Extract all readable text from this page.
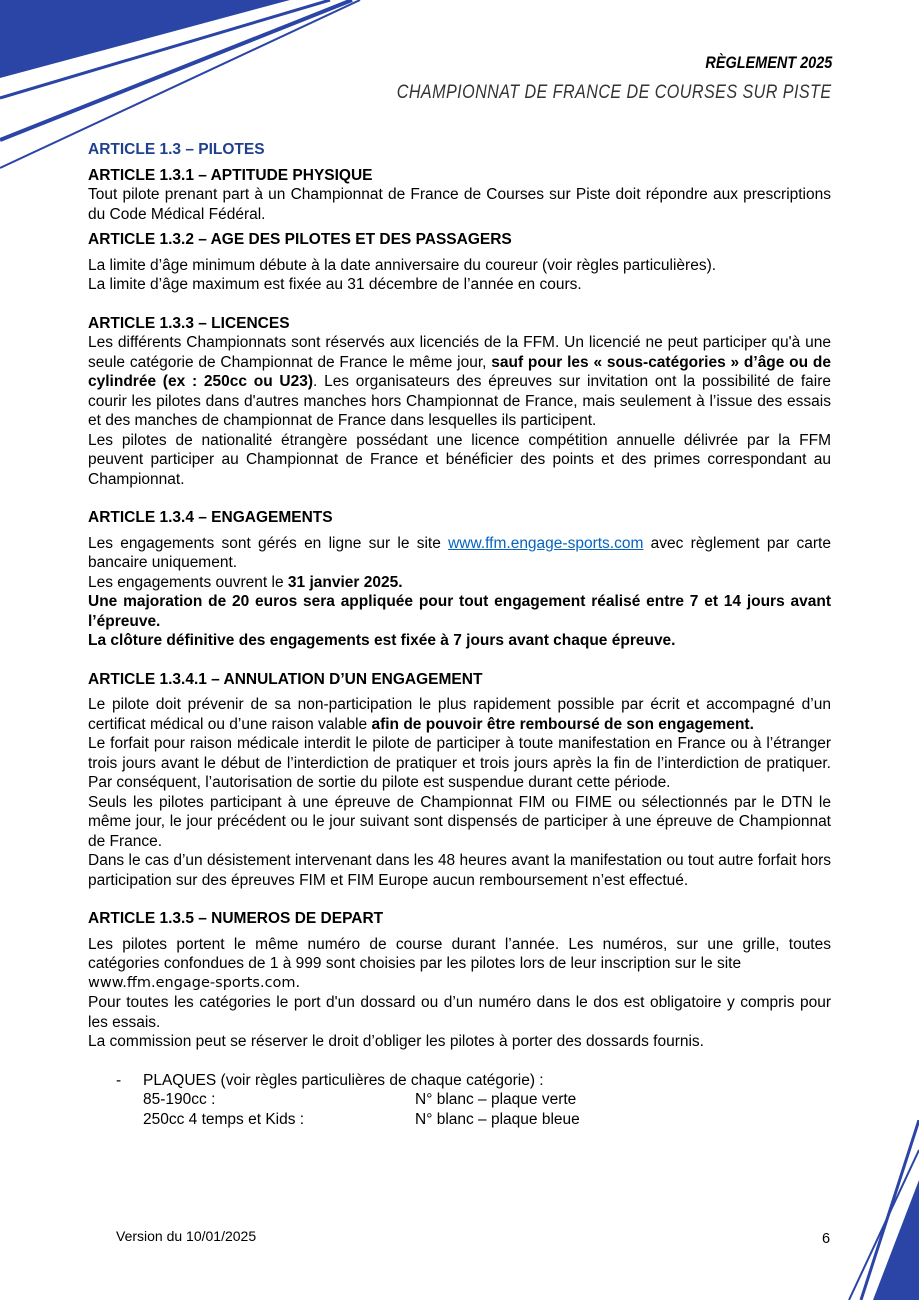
RÈGLEMENT 2025
CHAMPIONNAT DE FRANCE DE COURSES SUR PISTE
ARTICLE 1.3 – PILOTES
ARTICLE 1.3.1 – APTITUDE PHYSIQUE

Tout pilote prenant part à un Championnat de France de Courses sur Piste doit répondre aux prescriptions du Code Médical Fédéral.

ARTICLE 1.3.2 – AGE DES PILOTES ET DES PASSAGERS

La limite d’âge minimum débute à la date anniversaire du coureur (voir règles particulières).

La limite d’âge maximum est fixée au 31 décembre de l’année en cours.

ARTICLE 1.3.3 – LICENCES

Les différents Championnats sont réservés aux licenciés de la FFM. Un licencié ne peut participer qu'à une seule catégorie de Championnat de France le même jour, sauf pour les « sous-catégories » d’âge ou de cylindrée (ex : 250cc ou U23). Les organisateurs des épreuves sur invitation ont la possibilité de faire courir les pilotes dans d'autres manches hors Championnat de France, mais seulement à l’issue des essais et des manches de championnat de France dans lesquelles ils participent.

Les pilotes de nationalité étrangère possédant une licence compétition annuelle délivrée par la FFM peuvent participer au Championnat de France et bénéficier des points et des primes correspondant au Championnat.

ARTICLE 1.3.4 – ENGAGEMENTS

Les engagements sont gérés en ligne sur le site www.ffm.engage-sports.com avec règlement par carte bancaire uniquement.

Les engagements ouvrent le 31 janvier 2025.

Une majoration de 20 euros sera appliquée pour tout engagement réalisé entre 7 et 14 jours avant l’épreuve.

La clôture définitive des engagements est fixée à 7 jours avant chaque épreuve.

ARTICLE 1.3.4.1 – ANNULATION D’UN ENGAGEMENT

Le pilote doit prévenir de sa non-participation le plus rapidement possible par écrit et accompagné d’un certificat médical ou d’une raison valable afin de pouvoir être remboursé de son engagement.

Le forfait pour raison médicale interdit le pilote de participer à toute manifestation en France ou à l’étranger trois jours avant le début de l’interdiction de pratiquer et trois jours après la fin de l’interdiction de pratiquer. Par conséquent, l’autorisation de sortie du pilote est suspendue durant cette période.

Seuls les pilotes participant à une épreuve de Championnat FIM ou FIME ou sélectionnés par le DTN le même jour, le jour précédent ou le jour suivant sont dispensés de participer à une épreuve de Championnat de France.

Dans le cas d’un désistement intervenant dans les 48 heures avant la manifestation ou tout autre forfait hors participation sur des épreuves FIM et FIM Europe aucun remboursement n’est effectué.

ARTICLE 1.3.5 – NUMEROS DE DEPART

Les pilotes portent le même numéro de course durant l’année. Les numéros, sur une grille, toutes catégories confondues de 1 à 999 sont choisies par les pilotes lors de leur inscription sur le site

www.ffm.engage-sports.com.

Pour toutes les catégories le port d'un dossard ou d’un numéro dans le dos est obligatoire y compris pour les essais.

La commission peut se réserver le droit d’obliger les pilotes à porter des dossards fournis.

- PLAQUES (voir règles particulières de chaque catégorie) :
85-190cc :	N° blanc – plaque verte
250cc 4 temps et Kids :	N° blanc – plaque bleue
Version du 10/01/2025	6
